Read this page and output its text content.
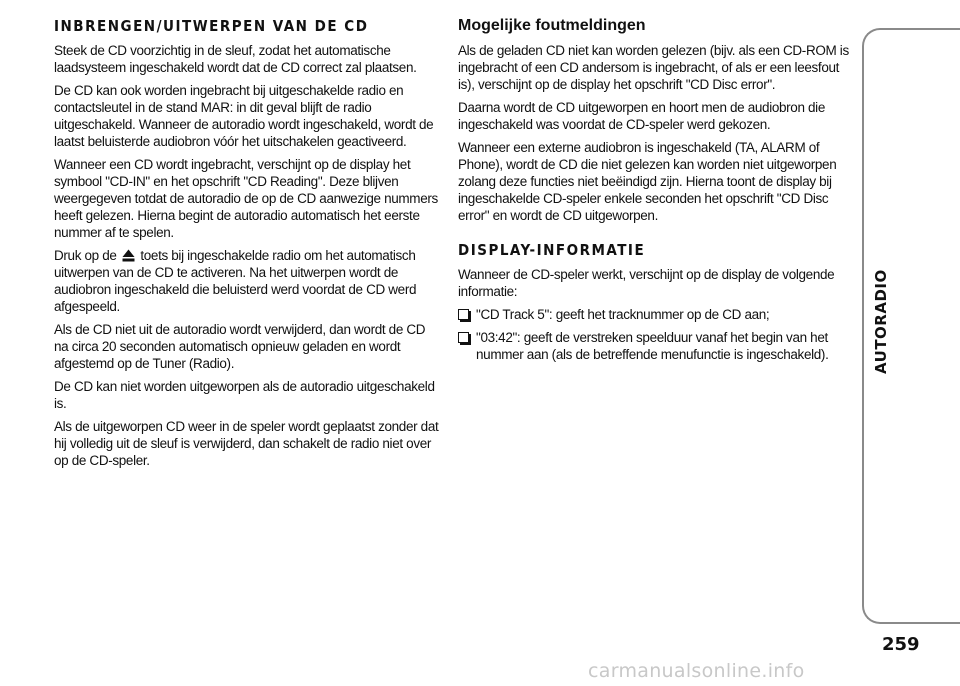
INBRENGEN/UITWERPEN VAN DE CD

Steek de CD voorzichtig in de sleuf, zodat het automatische laadsysteem ingeschakeld wordt dat de CD correct zal plaatsen.

De CD kan ook worden ingebracht bij uitgeschakelde radio en contactsleutel in de stand MAR: in dit geval blijft de radio uitgeschakeld. Wanneer de autoradio wordt ingeschakeld, wordt de laatst beluisterde audiobron vóór het uitschakelen geactiveerd.

Wanneer een CD wordt ingebracht, verschijnt op de display het symbool "CD-IN" en het opschrift "CD Reading". Deze blijven weergegeven totdat de autoradio de op de CD aanwezige nummers heeft gelezen. Hierna begint de autoradio automatisch het eerste nummer af te spelen.

Druk op de toets bij ingeschakelde radio om het automatisch uitwerpen van de CD te activeren. Na het uitwerpen wordt de audiobron ingeschakeld die beluisterd werd voordat de CD werd afgespeeld.

Als de CD niet uit de autoradio wordt verwijderd, dan wordt de CD na circa 20 seconden automatisch opnieuw geladen en wordt afgestemd op de Tuner (Radio).

De CD kan niet worden uitgeworpen als de autoradio uitgeschakeld is.

Als de uitgeworpen CD weer in de speler wordt geplaatst zonder dat hij volledig uit de sleuf is verwijderd, dan schakelt de radio niet over op de CD-speler.

Mogelijke foutmeldingen

Als de geladen CD niet kan worden gelezen (bijv. als een CD-ROM is ingebracht of een CD andersom is ingebracht, of als er een leesfout is), verschijnt op de display het opschrift "CD Disc error".

Daarna wordt de CD uitgeworpen en hoort men de audiobron die ingeschakeld was voordat de CD-speler werd gekozen.

Wanneer een externe audiobron is ingeschakeld (TA, ALARM of Phone), wordt de CD die niet gelezen kan worden niet uitgeworpen zolang deze functies niet beëindigd zijn. Hierna toont de display bij ingeschakelde CD-speler enkele seconden het opschrift "CD Disc error" en wordt de CD uitgeworpen.

DISPLAY-INFORMATIE

Wanneer de CD-speler werkt, verschijnt op de display de volgende informatie:

"CD Track 5": geeft het tracknummer op de CD aan;
"03:42": geeft de verstreken speelduur vanaf het begin van het nummer aan (als de betreffende menufunctie is ingeschakeld).
259
carmanualsonline.info
